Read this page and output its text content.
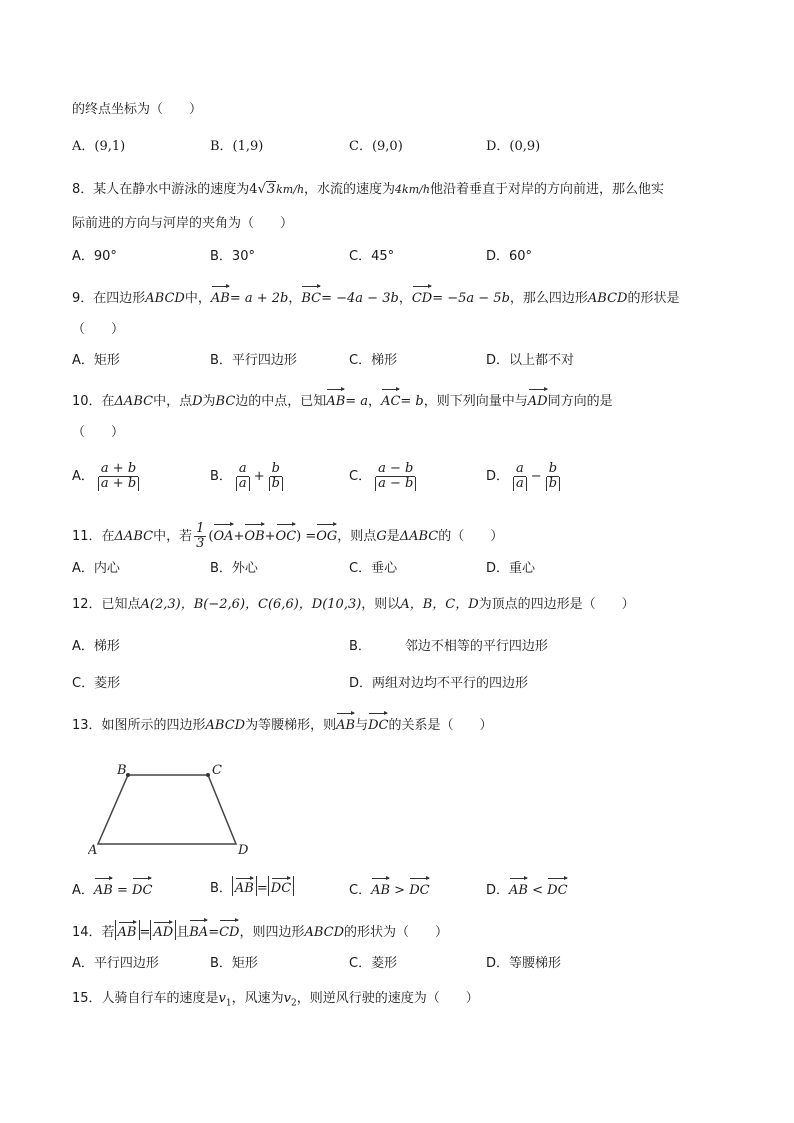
的终点坐标为（　　）
A．(9,1)	B．(1,9)	C．(9,0)	D．(0,9)
8．某人在静水中游泳的速度为4√3km/h，水流的速度为4km/h他沿着垂直于对岸的方向前进，那么他实
际前进的方向与河岸的夹角为（　　）
A．90°	B．30°	C．45°	D．60°
9．在四边形ABCD中，AB= a + 2b，BC= −4a − 3b，CD= −5a − 5b，那么四边形ABCD的形状是
（　　）
A．矩形	B．平行四边形	C．梯形	D．以上都不对
10．在ΔABC中，点D为BC边的中点，已知AB= a，AC= b，则下列向量中与AD同方向的是
（　　）
A． $\frac{a + b}{a + b}$	B． $\frac{a}{a} + \frac{b}{b}$	C． $\frac{a - b}{a - b}$	D． $\frac{a}{a} - \frac{b}{b}$
11．在ΔABC中，若 $\frac{1}{3} (OA+OB+OC) =OG$，则点G是ΔABC的（　　）
A．内心	B．外心	C．垂心	D．重心
12．已知点A(2,3)，B(−2,6)，C(6,6)，D(10,3)，则以A，B，C，D为顶点的四边形是（　　）
A．梯形	B．	邻边不相等的平行四边形
C．菱形	D．两组对边均不平行的四边形
13．如图所示的四边形ABCD为等腰梯形，则AB与DC的关系是（　　）
B	C
A	D
A．AB = DC	B． AB = DC	C．AB > DC	D．AB < DC
14．若 AB = AD 且BA=CD，则四边形ABCD的形状为（　　）
A．平行四边形	B．矩形	C．菱形	D．等腰梯形
15．人骑自行车的速度是$v_1$，风速为$v_2$，则逆风行驶的速度为（　　）
